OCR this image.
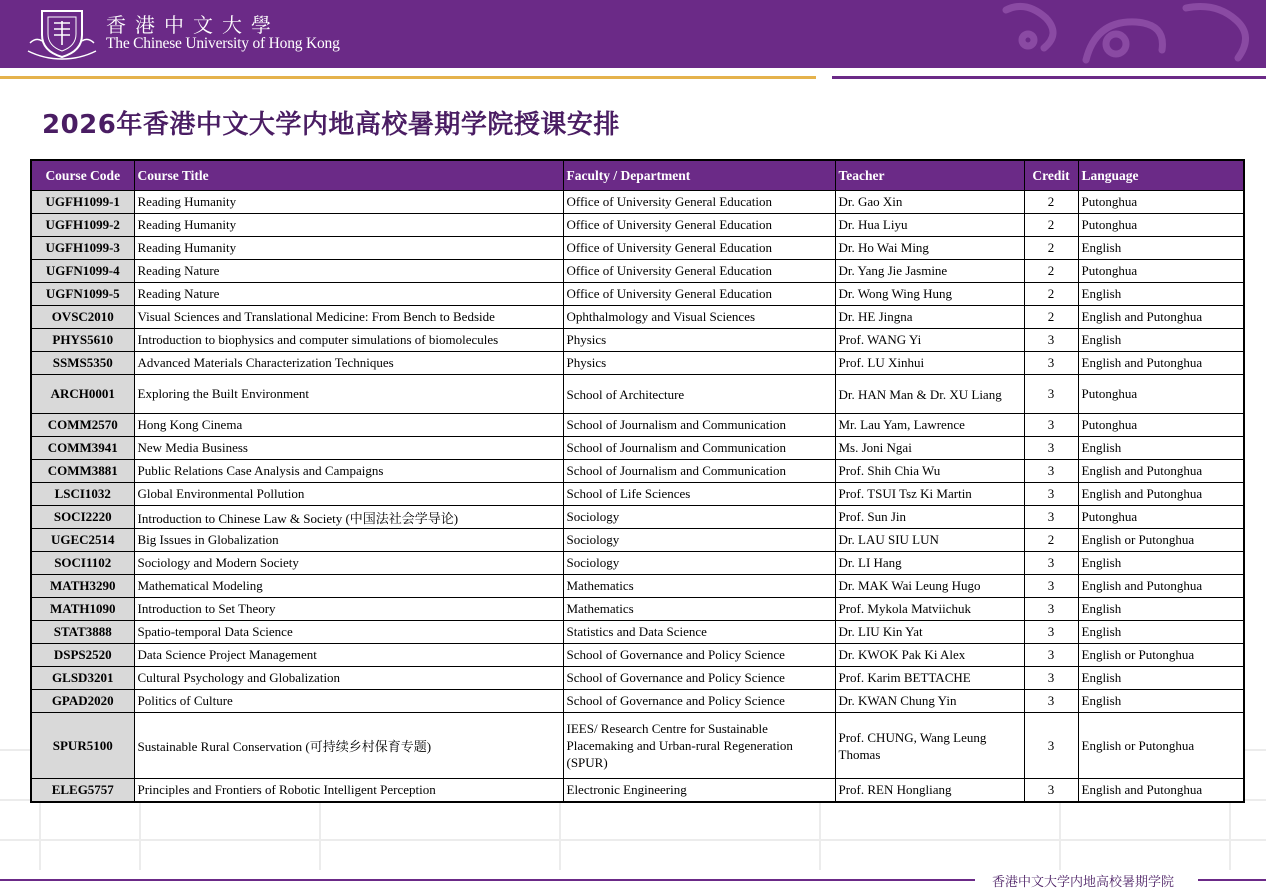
香港中文大學
The Chinese University of Hong Kong
2026年香港中文大学内地高校暑期学院授课安排
Course Code	Course Title	Faculty / Department	Teacher	Credit	Language
UGFH1099-1	Reading Humanity	Office of University General Education	Dr. Gao Xin	2	Putonghua
UGFH1099-2	Reading Humanity	Office of University General Education	Dr. Hua Liyu	2	Putonghua
UGFH1099-3	Reading Humanity	Office of University General Education	Dr. Ho Wai Ming	2	English
UGFN1099-4	Reading Nature	Office of University General Education	Dr. Yang Jie Jasmine	2	Putonghua
UGFN1099-5	Reading Nature	Office of University General Education	Dr. Wong Wing Hung	2	English
OVSC2010	Visual Sciences and Translational Medicine: From Bench to Bedside	Ophthalmology and Visual Sciences	Dr. HE Jingna	2	English and Putonghua
PHYS5610	Introduction to biophysics and computer simulations of biomolecules	Physics	Prof. WANG Yi	3	English
SSMS5350	Advanced Materials Characterization Techniques	Physics	Prof. LU Xinhui	3	English and Putonghua
ARCH0001	Exploring the Built Environment	School of Architecture	Dr. HAN Man & Dr. XU Liang	3	Putonghua
COMM2570	Hong Kong Cinema	School of Journalism and Communication	Mr. Lau Yam, Lawrence	3	Putonghua
COMM3941	New Media Business	School of Journalism and Communication	Ms. Joni Ngai	3	English
COMM3881	Public Relations Case Analysis and Campaigns	School of Journalism and Communication	Prof. Shih Chia Wu	3	English and Putonghua
LSCI1032	Global Environmental Pollution	School of Life Sciences	Prof. TSUI Tsz Ki Martin	3	English and Putonghua
SOCI2220	Introduction to Chinese Law & Society (中国法社会学导论)	Sociology	Prof. Sun Jin	3	Putonghua
UGEC2514	Big Issues in Globalization	Sociology	Dr. LAU SIU LUN	2	English or Putonghua
SOCI1102	Sociology and Modern Society	Sociology	Dr. LI Hang	3	English
MATH3290	Mathematical Modeling	Mathematics	Dr. MAK Wai Leung Hugo	3	English and Putonghua
MATH1090	Introduction to Set Theory	Mathematics	Prof. Mykola Matviichuk	3	English
STAT3888	Spatio-temporal Data Science	Statistics and Data Science	Dr. LIU Kin Yat	3	English
DSPS2520	Data Science Project Management	School of Governance and Policy Science	Dr. KWOK Pak Ki Alex	3	English or Putonghua
GLSD3201	Cultural Psychology and Globalization	School of Governance and Policy Science	Prof. Karim BETTACHE	3	English
GPAD2020	Politics of Culture	School of Governance and Policy Science	Dr. KWAN Chung Yin	3	English
SPUR5100	Sustainable Rural Conservation (可持续乡村保育专题)	IEES/ Research Centre for Sustainable Placemaking and Urban-rural Regeneration (SPUR)	Prof. CHUNG, Wang Leung Thomas	3	English or Putonghua
ELEG5757	Principles and Frontiers of Robotic Intelligent Perception	Electronic Engineering	Prof. REN Hongliang	3	English and Putonghua
香港中文大学内地高校暑期学院
